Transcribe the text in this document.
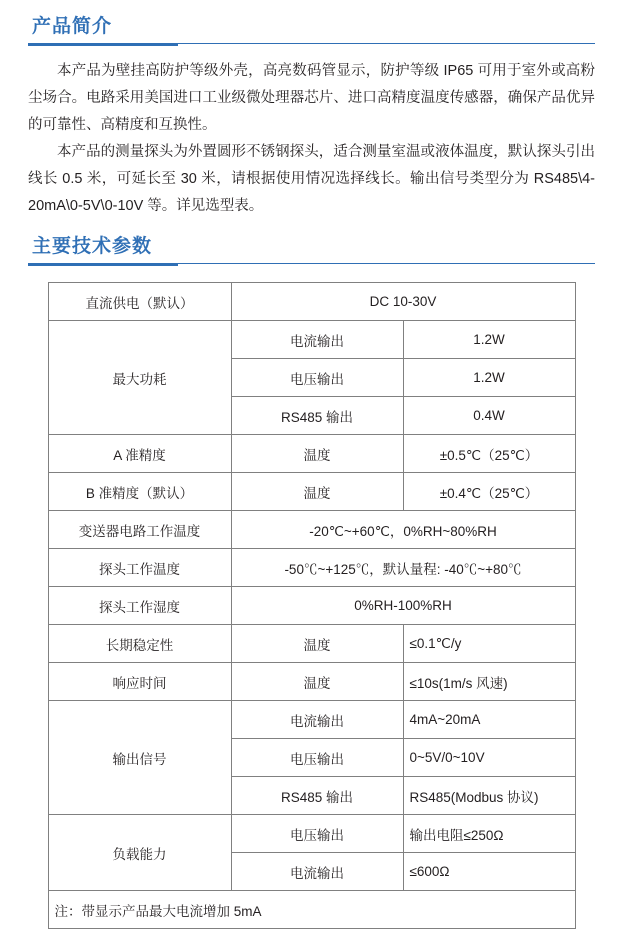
产品简介

本产品为壁挂高防护等级外壳，高亮数码管显示，防护等级 IP65 可用于室外或高粉尘场合。电路采用美国进口工业级微处理器芯片、进口高精度温度传感器，确保产品优异的可靠性、高精度和互换性。

本产品的测量探头为外置圆形不锈钢探头，适合测量室温或液体温度，默认探头引出线长 0.5 米，可延长至 30 米，请根据使用情况选择线长。输出信号类型分为 RS485\4-20mA\0-5V\0-10V 等。详见选型表。

主要技术参数
直流供电（默认）	DC 10-30V	
最大功耗	电流输出	1.2W
	电压输出	1.2W
	RS485 输出	0.4W
A 准精度	温度	±0.5℃（25℃）
B 准精度（默认）	温度	±0.4℃（25℃）
变送器电路工作温度	-20℃~+60℃，0%RH~80%RH	
探头工作温度	-50℃~+125℃，默认量程: -40℃~+80℃	
探头工作湿度	0%RH-100%RH	
长期稳定性	温度	≤0.1℃/y
响应时间	温度	≤10s(1m/s 风速)
输出信号	电流输出	4mA~20mA
	电压输出	0~5V/0~10V
	RS485 输出	RS485(Modbus 协议)
负载能力	电压输出	输出电阻≤250Ω
	电流输出	≤600Ω
注：带显示产品最大电流增加 5mA		
